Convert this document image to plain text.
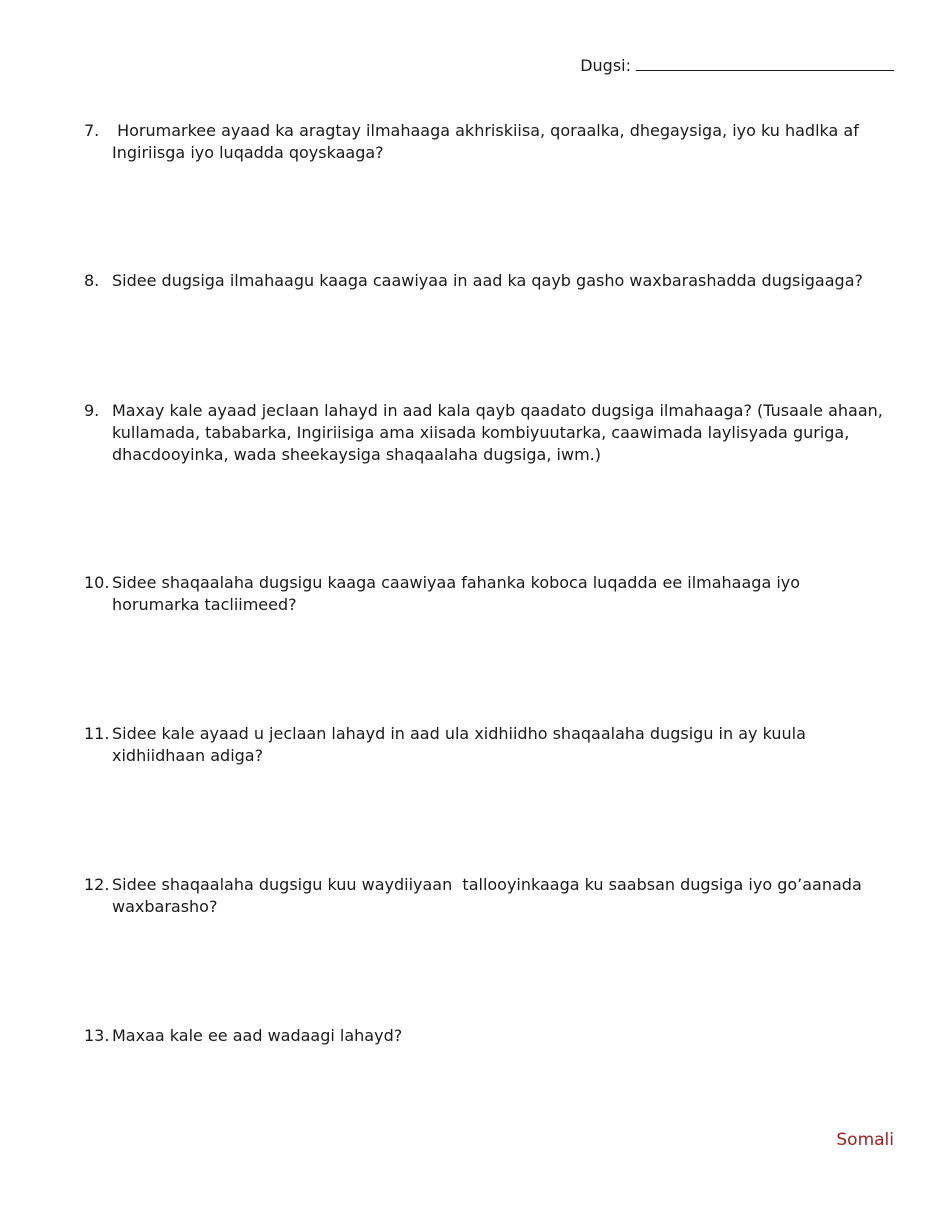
Dugsi:
7. Horumarkee ayaad ka aragtay ilmahaaga akhriskiisa, qoraalka, dhegaysiga, iyo ku hadlka af Ingiriisga iyo luqadda qoyskaaga?
8. Sidee dugsiga ilmahaagu kaaga caawiyaa in aad ka qayb gasho waxbarashadda dugsigaaga?
9. Maxay kale ayaad jeclaan lahayd in aad kala qayb qaadato dugsiga ilmahaaga? (Tusaale ahaan, kullamada, tababarka, Ingiriisiga ama xiisada kombiyuutarka, caawimada laylisyada guriga, dhacdooyinka, wada sheekaysiga shaqaalaha dugsiga, iwm.)
10. Sidee shaqaalaha dugsigu kaaga caawiyaa fahanka koboca luqadda ee ilmahaaga iyo horumarka tacliimeed?
11. Sidee kale ayaad u jeclaan lahayd in aad ula xidhiidho shaqaalaha dugsigu in ay kuula xidhiidhaan adiga?
12. Sidee shaqaalaha dugsigu kuu waydiiyaan  tallooyinkaaga ku saabsan dugsiga iyo go’aanada waxbarasho?
13. Maxaa kale ee aad wadaagi lahayd?
Somali
